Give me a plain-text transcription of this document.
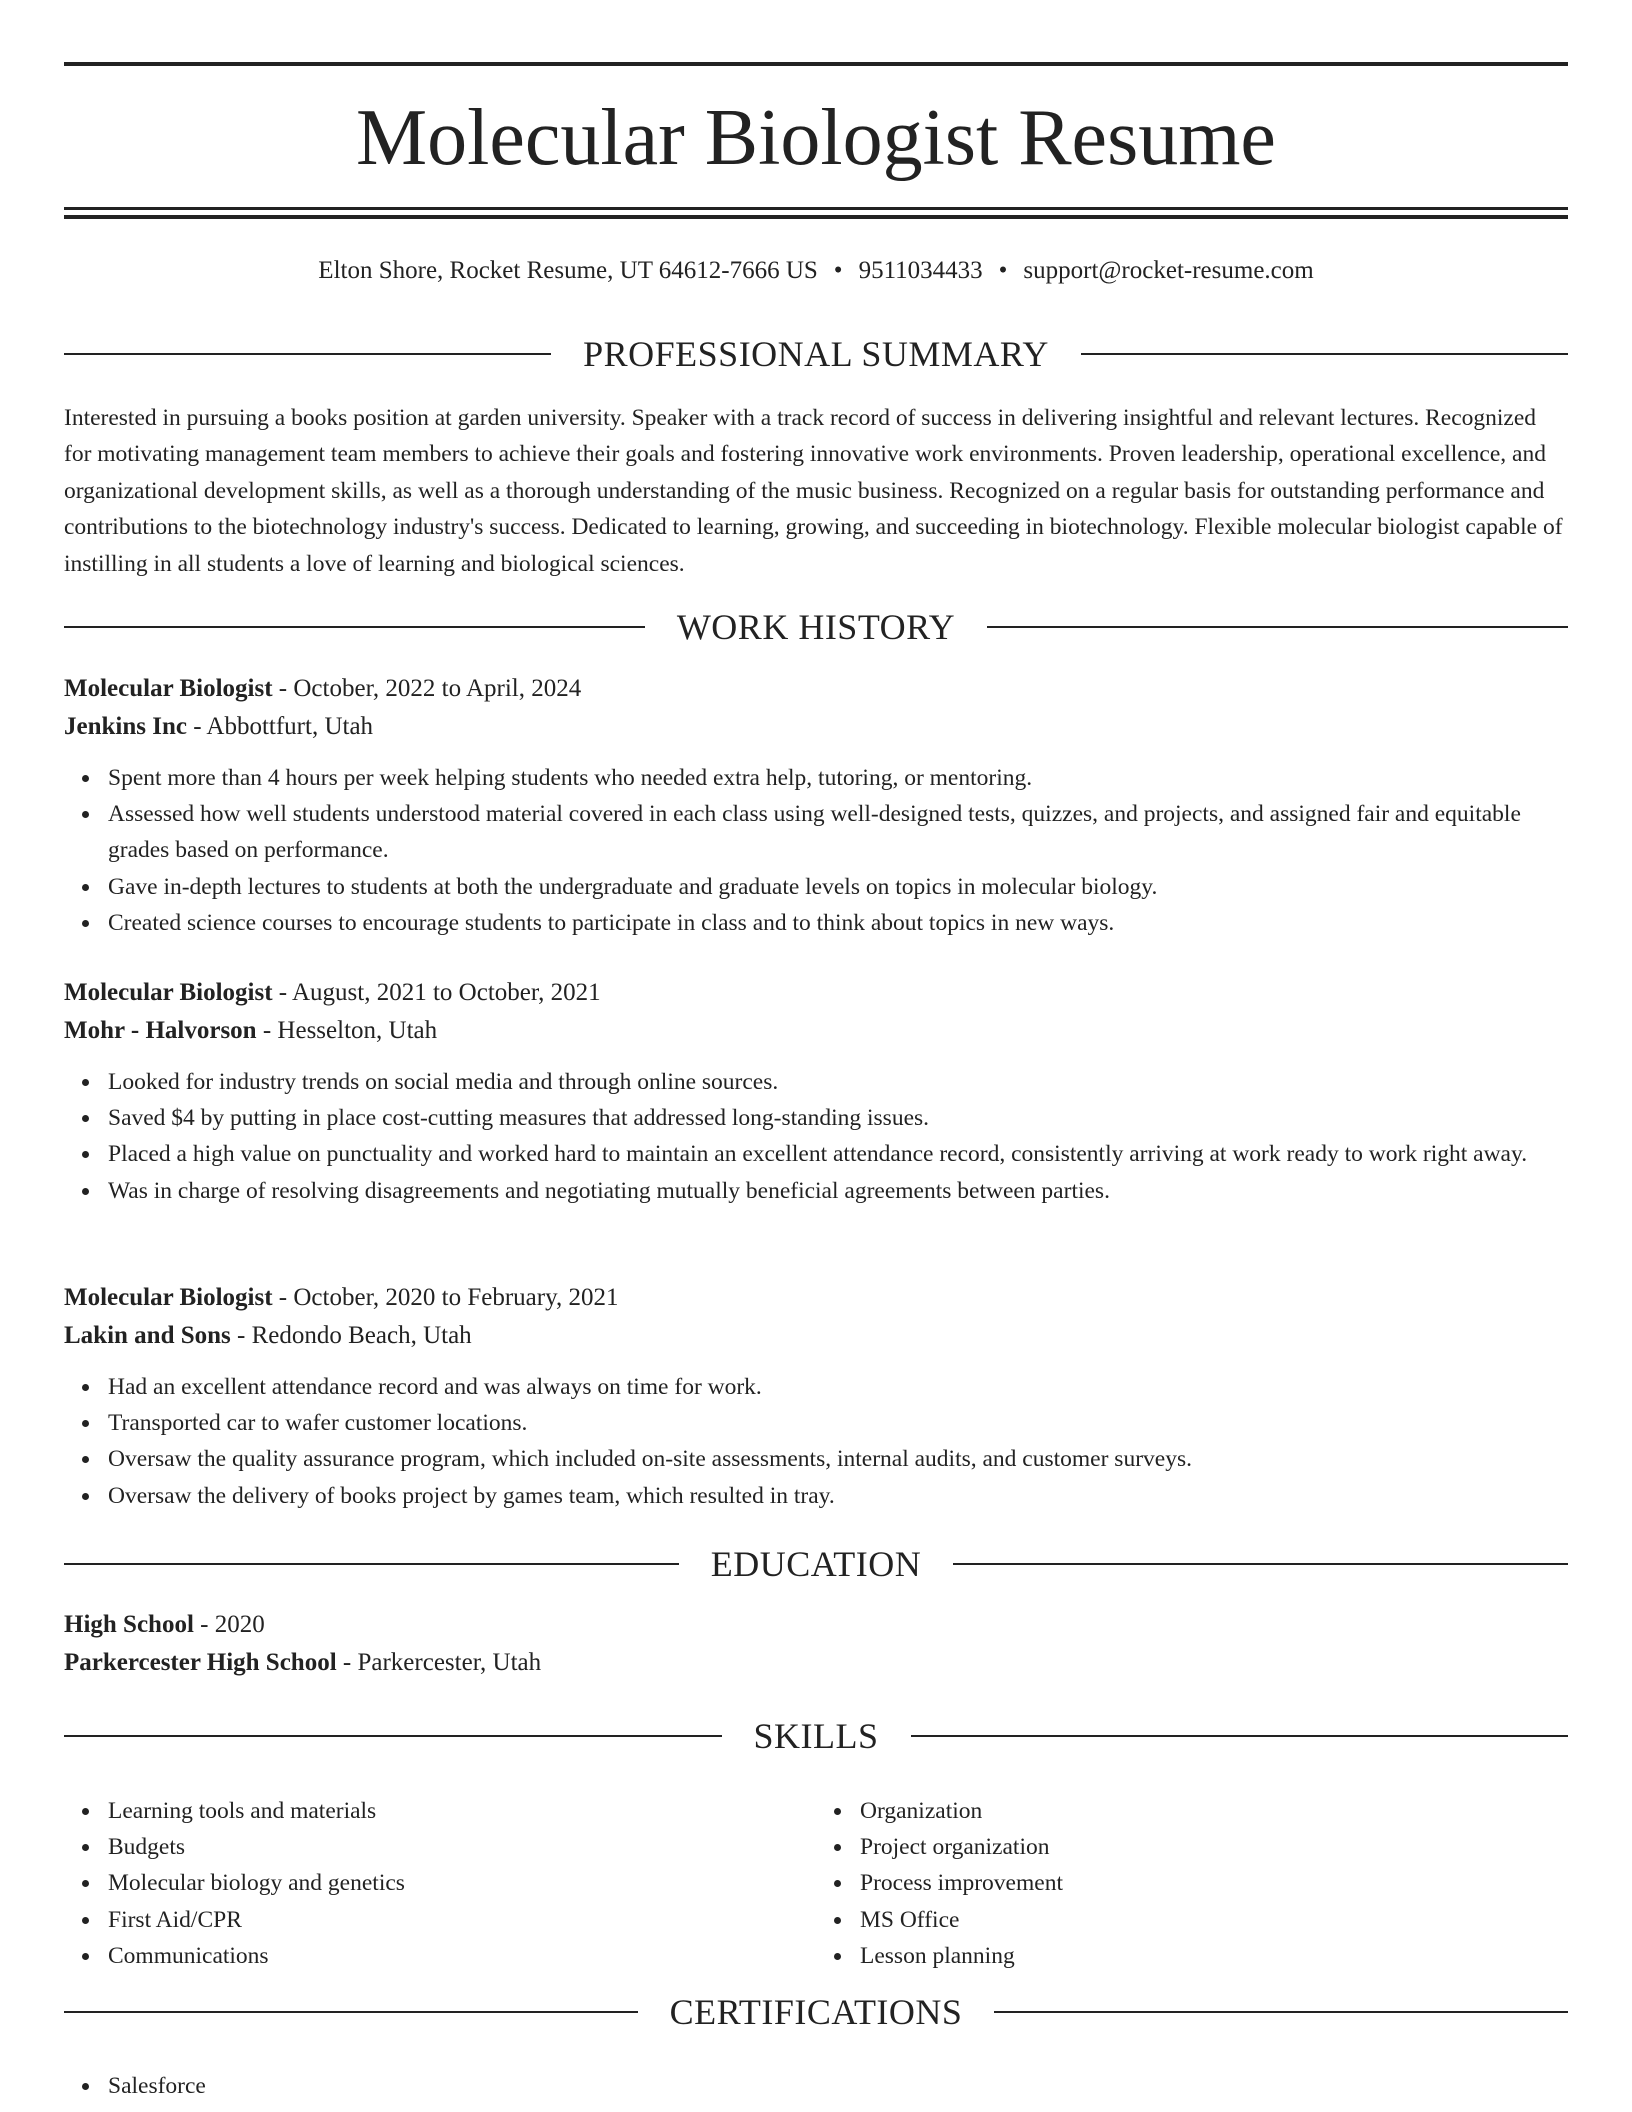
Molecular Biologist Resume
Elton Shore, Rocket Resume, UT 64612-7666 US • 9511034433 • support@rocket-resume.com
PROFESSIONAL SUMMARY

Interested in pursuing a books position at garden university. Speaker with a track record of success in delivering insightful and relevant lectures. Recognized for motivating management team members to achieve their goals and fostering innovative work environments. Proven leadership, operational excellence, and organizational development skills, as well as a thorough understanding of the music business. Recognized on a regular basis for outstanding performance and contributions to the biotechnology industry's success. Dedicated to learning, growing, and succeeding in biotechnology. Flexible molecular biologist capable of instilling in all students a love of learning and biological sciences.

WORK HISTORY

Molecular Biologist - October, 2022 to April, 2024

Jenkins Inc - Abbottfurt, Utah

Spent more than 4 hours per week helping students who needed extra help, tutoring, or mentoring.
Assessed how well students understood material covered in each class using well-designed tests, quizzes, and projects, and assigned fair and equitable grades based on performance.
Gave in-depth lectures to students at both the undergraduate and graduate levels on topics in molecular biology.
Created science courses to encourage students to participate in class and to think about topics in new ways.

Molecular Biologist - August, 2021 to October, 2021

Mohr - Halvorson - Hesselton, Utah

Looked for industry trends on social media and through online sources.
Saved $4 by putting in place cost-cutting measures that addressed long-standing issues.
Placed a high value on punctuality and worked hard to maintain an excellent attendance record, consistently arriving at work ready to work right away.
Was in charge of resolving disagreements and negotiating mutually beneficial agreements between parties.

Molecular Biologist - October, 2020 to February, 2021

Lakin and Sons - Redondo Beach, Utah

Had an excellent attendance record and was always on time for work.
Transported car to wafer customer locations.
Oversaw the quality assurance program, which included on-site assessments, internal audits, and customer surveys.
Oversaw the delivery of books project by games team, which resulted in tray.
EDUCATION

High School - 2020

Parkercester High School - Parkercester, Utah

SKILLS
Learning tools and materials
Budgets
Molecular biology and genetics
First Aid/CPR
Communications
Organization
Project organization
Process improvement
MS Office
Lesson planning
CERTIFICATIONS
Salesforce
